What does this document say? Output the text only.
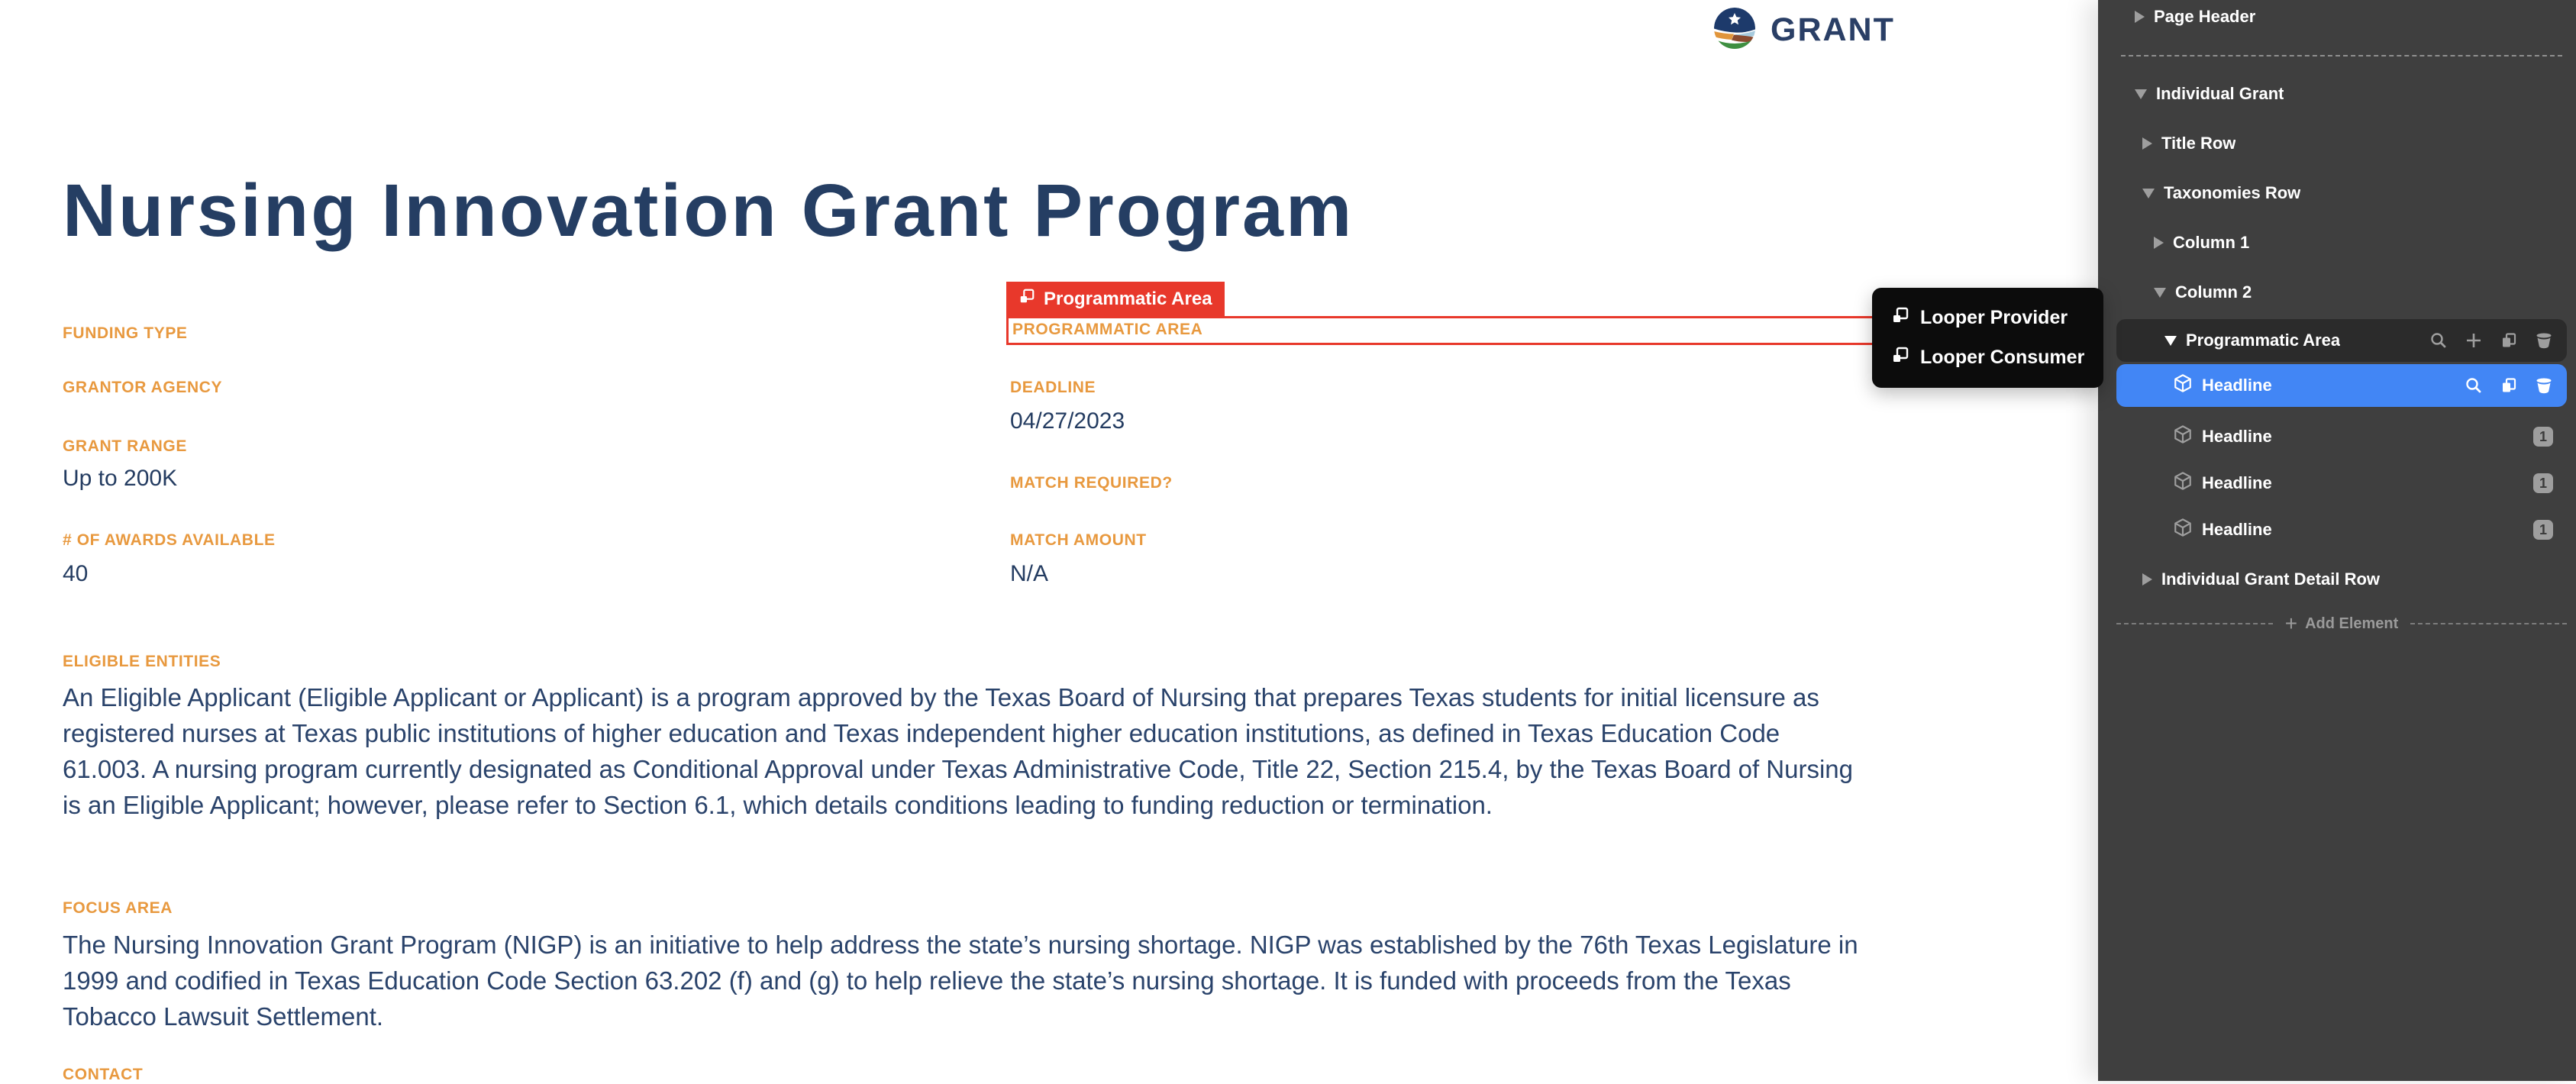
GRANT
Nursing Innovation Grant Program
FUNDING TYPE
GRANTOR AGENCY
GRANT RANGE
Up to 200K
# OF AWARDS AVAILABLE
40
DEADLINE
04/27/2023
MATCH REQUIRED?
MATCH AMOUNT
N/A
ELIGIBLE ENTITIES
An Eligible Applicant (Eligible Applicant or Applicant) is a program approved by the Texas Board of Nursing that prepares Texas students for initial licensure as registered nurses at Texas public institutions of higher education and Texas independent higher education institutions, as defined in Texas Education Code 61.003. A nursing program currently designated as Conditional Approval under Texas Administrative Code, Title 22, Section 215.4, by the Texas Board of Nursing is an Eligible Applicant; however, please refer to Section 6.1, which details conditions leading to funding reduction or termination.
FOCUS AREA
The Nursing Innovation Grant Program (NIGP) is an initiative to help address the state’s nursing shortage. NIGP was established by the 76th Texas Legislature in 1999 and codified in Texas Education Code Section 63.202 (f) and (g) to help relieve the state’s nursing shortage. It is funded with proceeds from the Texas Tobacco Lawsuit Settlement.
CONTACT
Programmatic Area
PROGRAMMATIC AREA
Looper Provider
Looper Consumer
Page Header
Individual Grant
Title Row
Taxonomies Row
Column 1
Column 2
Programmatic Area
Headline
Headline	1
Headline	1
Headline	1
Individual Grant Detail Row
+ Add Element
